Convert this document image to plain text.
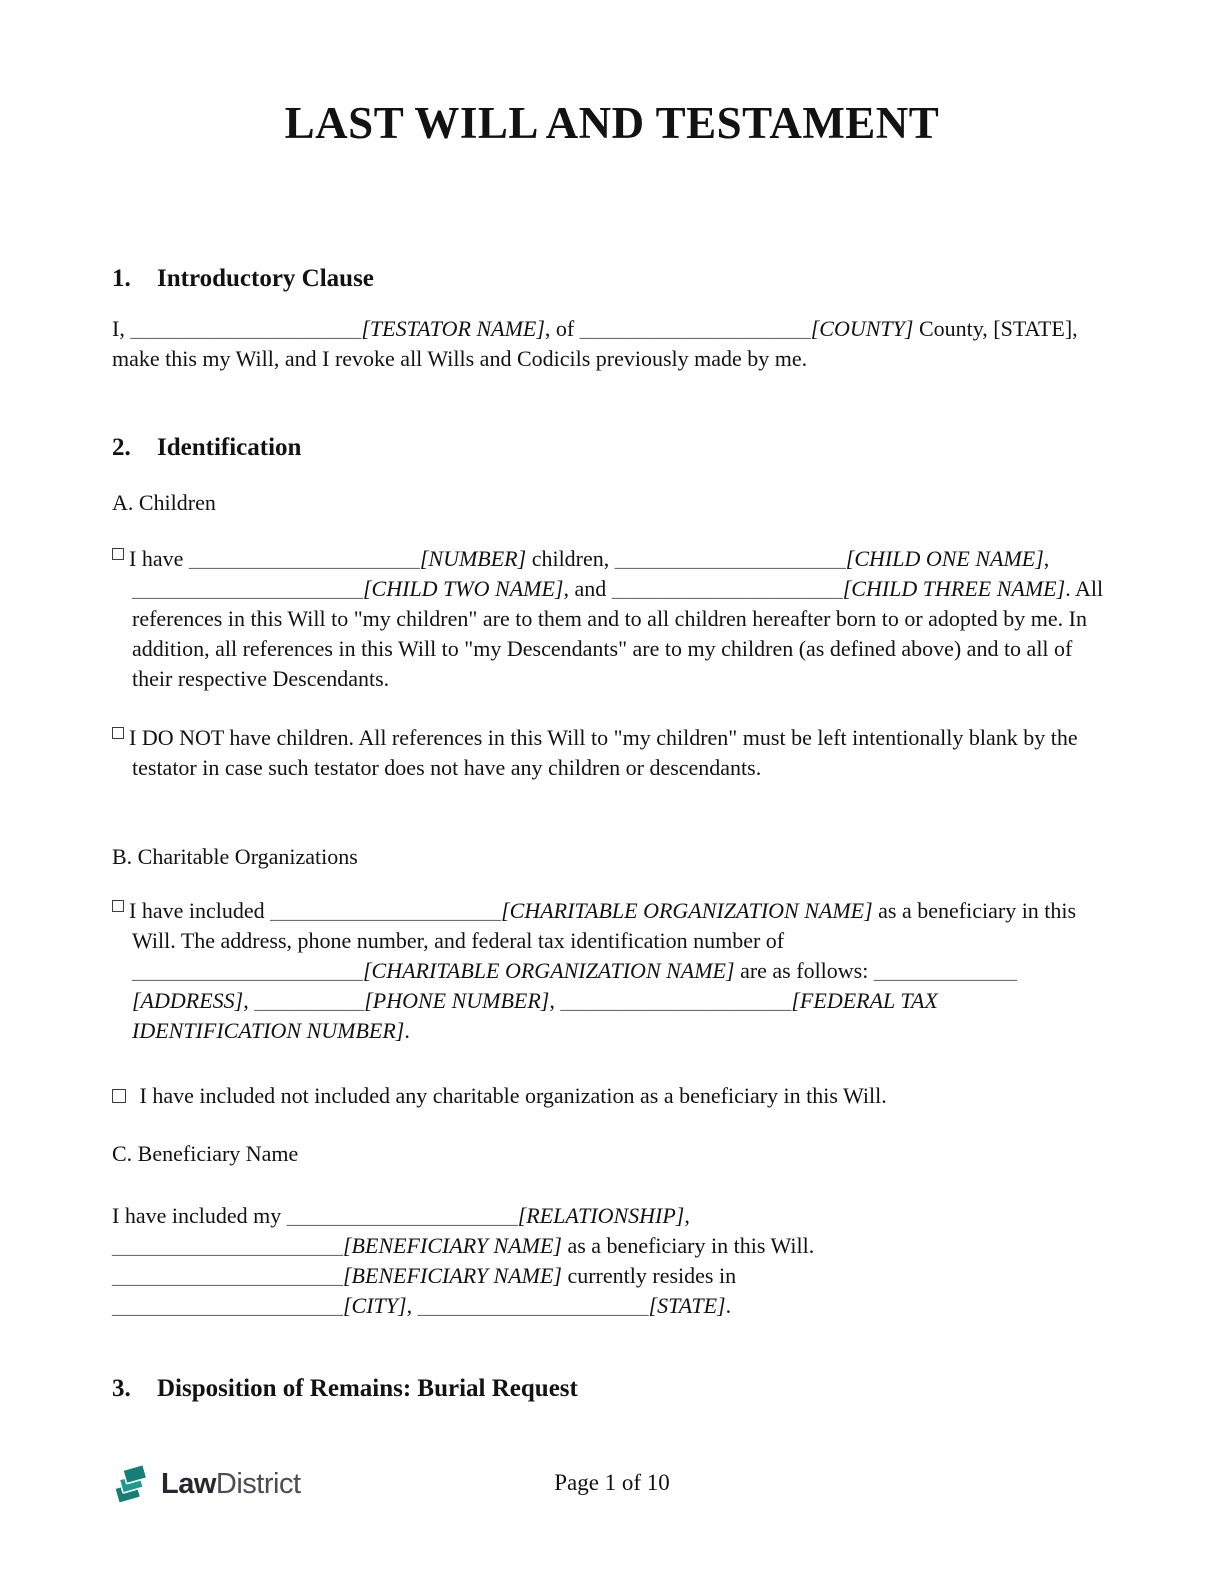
LAST WILL AND TESTAMENT
1. Introductory Clause

I, _____________________[TESTATOR NAME], of _____________________[COUNTY] County, [STATE], make this my Will, and I revoke all Wills and Codicils previously made by me.

2. Identification

A. Children

I have _____________________[NUMBER] children, _____________________[CHILD ONE NAME], _____________________[CHILD TWO NAME], and _____________________[CHILD THREE NAME]. All references in this Will to "my children" are to them and to all children hereafter born to or adopted by me. In addition, all references in this Will to "my Descendants" are to my children (as defined above) and to all of their respective Descendants.

I DO NOT have children. All references in this Will to "my children" must be left intentionally blank by the testator in case such testator does not have any children or descendants.

B. Charitable Organizations

I have included _____________________[CHARITABLE ORGANIZATION NAME] as a beneficiary in this Will. The address, phone number, and federal tax identification number of _____________________[CHARITABLE ORGANIZATION NAME] are as follows: _____________
[ADDRESS], __________[PHONE NUMBER], _____________________[FEDERAL TAX IDENTIFICATION NUMBER].

I have included not included any charitable organization as a beneficiary in this Will.

C. Beneficiary Name

I have included my _____________________[RELATIONSHIP],
_____________________[BENEFICIARY NAME] as a beneficiary in this Will.
_____________________[BENEFICIARY NAME] currently resides in
_____________________[CITY], _____________________[STATE].

3. Disposition of Remains: Burial Request
LawDistrict	Page 1 of 10
